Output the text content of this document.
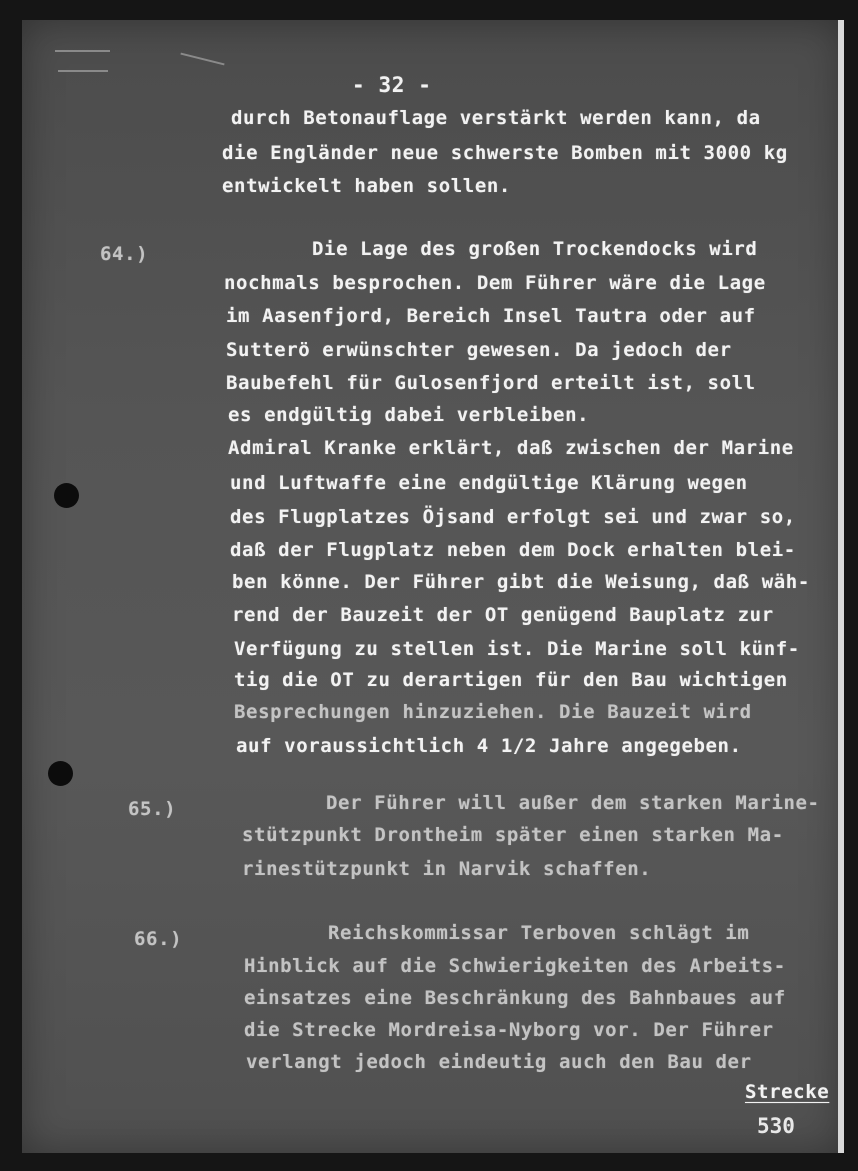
- 32 -
durch Betonauflage verstärkt werden kann, da
die Engländer neue schwerste Bomben mit 3000 kg
entwickelt haben sollen.
64.)	Die Lage des großen Trockendocks wird
nochmals besprochen. Dem Führer wäre die Lage
im Aasenfjord, Bereich Insel Tautra oder auf
Sutterö erwünschter gewesen. Da jedoch der
Baubefehl für Gulosenfjord erteilt ist, soll
es endgültig dabei verbleiben.
Admiral Kranke erklärt, daß zwischen der Marine
und Luftwaffe eine endgültige Klärung wegen
des Flugplatzes Öjsand erfolgt sei und zwar so,
daß der Flugplatz neben dem Dock erhalten blei-
ben könne. Der Führer gibt die Weisung, daß wäh-
rend der Bauzeit der OT genügend Bauplatz zur
Verfügung zu stellen ist. Die Marine soll künf-
tig die OT zu derartigen für den Bau wichtigen
Besprechungen hinzuziehen. Die Bauzeit wird
auf voraussichtlich 4 1/2 Jahre angegeben.
65.)	Der Führer will außer dem starken Marine-
stützpunkt Drontheim später einen starken Ma-
rinestützpunkt in Narvik schaffen.
66.)	Reichskommissar Terboven schlägt im
Hinblick auf die Schwierigkeiten des Arbeits-
einsatzes eine Beschränkung des Bahnbaues auf
die Strecke Mordreisa-Nyborg vor. Der Führer
verlangt jedoch eindeutig auch den Bau der
Strecke
530
